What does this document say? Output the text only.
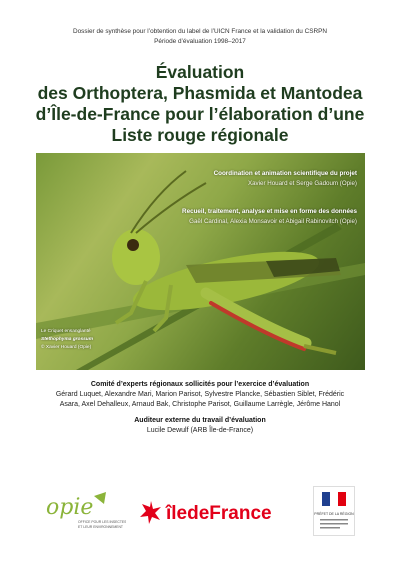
Dossier de synthèse pour l’obtention du label de l’UICN France et la validation du CSRPN
Période d’évaluation 1998–2017
Évaluation
des Orthoptera, Phasmida et Mantodea
d’Île-de-France pour l’élaboration d’une
Liste rouge régionale
Coordination et animation scientifique du projet
Xavier Houard et Serge Gadoum (Opie)
Recueil, traitement, analyse et mise en forme des données
Gaël Cardinal, Alexia Monsavoir et Abigail Rabinovitch (Opie)
Le Criquet ensanglanté
Stethophyma grossum
© Xavier Houard (Opie)
Comité d’experts régionaux sollicités pour l’exercice d’évaluation
Gérard Luquet, Alexandre Mari, Marion Parisot, Sylvestre Plancke, Sébastien Siblet, Frédéric
Asara, Axel Dehalleux, Arnaud Bak, Christophe Parisot, Guillaume Larrègle, Jérôme Hanol
Auditeur externe du travail d’évaluation
Lucile Dewulf (ARB Île-de-France)
opie
OFFICE POUR LES INSECTES
ET LEUR ENVIRONNEMENT
îledeFrance	PRÉFET DE LA RÉGION
